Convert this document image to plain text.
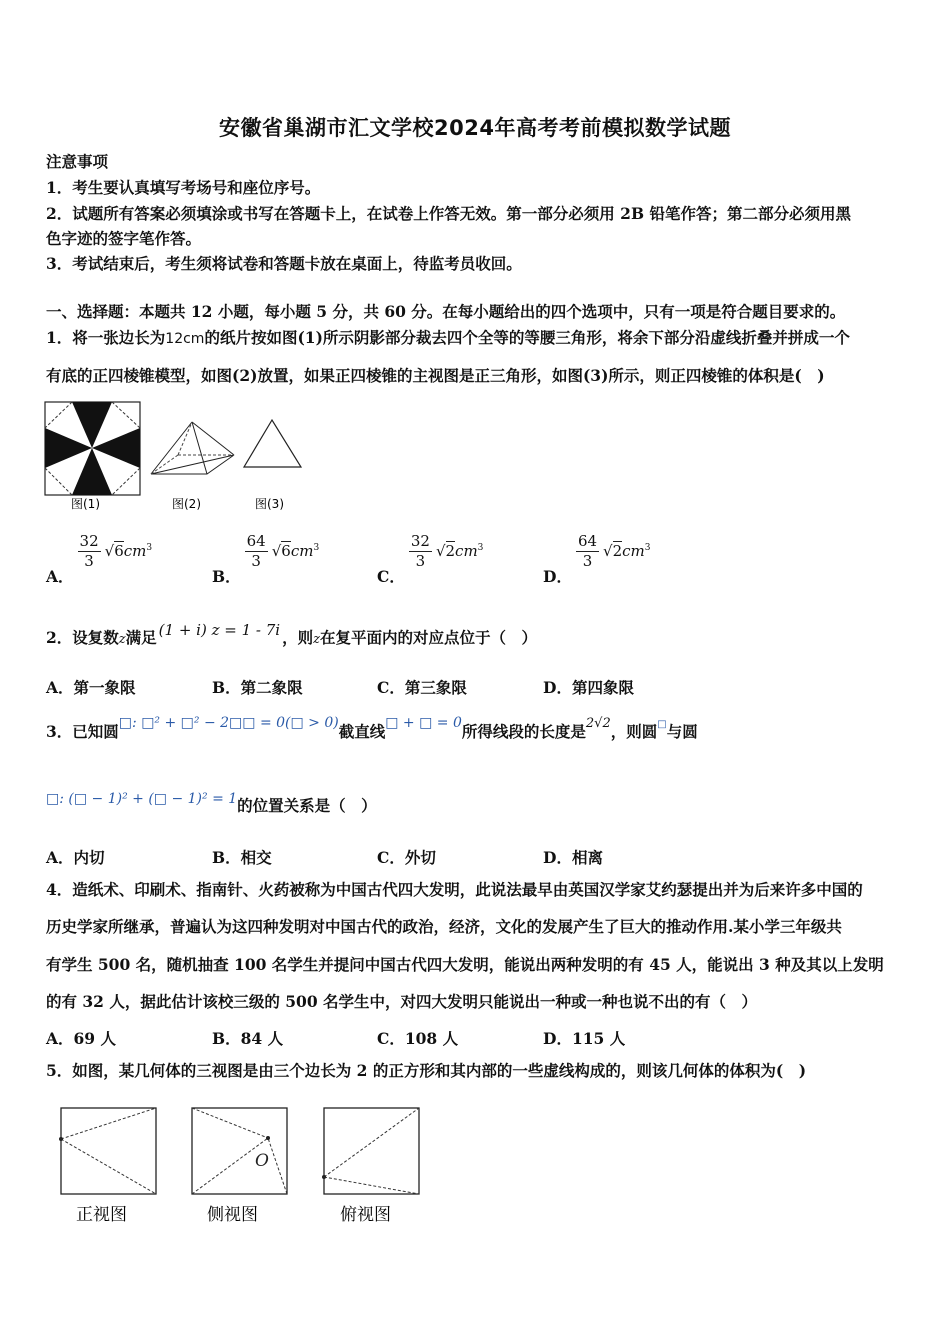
安徽省巢湖市汇文学校2024年高考考前模拟数学试题
注意事项
1．考生要认真填写考场号和座位序号。
2．试题所有答案必须填涂或书写在答题卡上，在试卷上作答无效。第一部分必须用 2B 铅笔作答；第二部分必须用黑
色字迹的签字笔作答。
3．考试结束后，考生须将试卷和答题卡放在桌面上，待监考员收回。
一、选择题：本题共 12 小题，每小题 5 分，共 60 分。在每小题给出的四个选项中，只有一项是符合题目要求的。
1．将一张边长为12cm的纸片按如图(1)所示阴影部分裁去四个全等的等腰三角形，将余下部分沿虚线折叠并拼成一个
有底的正四棱锥模型，如图(2)放置，如果正四棱锥的主视图是正三角形，如图(3)所示，则正四棱锥的体积是(　)
图(1)	图(2)	图(3)
A．
$\frac{32}{3} √6cm^3$
B．
$\frac{64}{3} √6cm^3$
C．
$\frac{32}{3} √2cm^3$
D．
$\frac{64}{3} √2cm^3$
2．设复数z满足 (1 + i) z = 1 - 7i ，则z在复平面内的对应点位于（　）
A．第一象限	B．第二象限	C．第三象限	D．第四象限
3．已知圆□: □² + □² − 2□□ = 0(□ > 0)截直线□ + □ = 0所得线段的长度是$^{2√2}$，则圆□与圆
□: (□ − 1)² + (□ − 1)² = 1的位置关系是（　）
A．内切	B．相交	C．外切	D．相离
4．造纸术、印刷术、指南针、火药被称为中国古代四大发明，此说法最早由英国汉学家艾约瑟提出并为后来许多中国的
历史学家所继承，普遍认为这四种发明对中国古代的政治，经济，文化的发展产生了巨大的推动作用.某小学三年级共
有学生 500 名，随机抽查 100 名学生并提问中国古代四大发明，能说出两种发明的有 45 人，能说出 3 种及其以上发明
的有 32 人，据此估计该校三级的 500 名学生中，对四大发明只能说出一种或一种也说不出的有（　）
A．69 人	B．84 人	C．108 人	D．115 人
5．如图，某几何体的三视图是由三个边长为 2 的正方形和其内部的一些虚线构成的，则该几何体的体积为(　)
O
正视图	侧视图	俯视图
